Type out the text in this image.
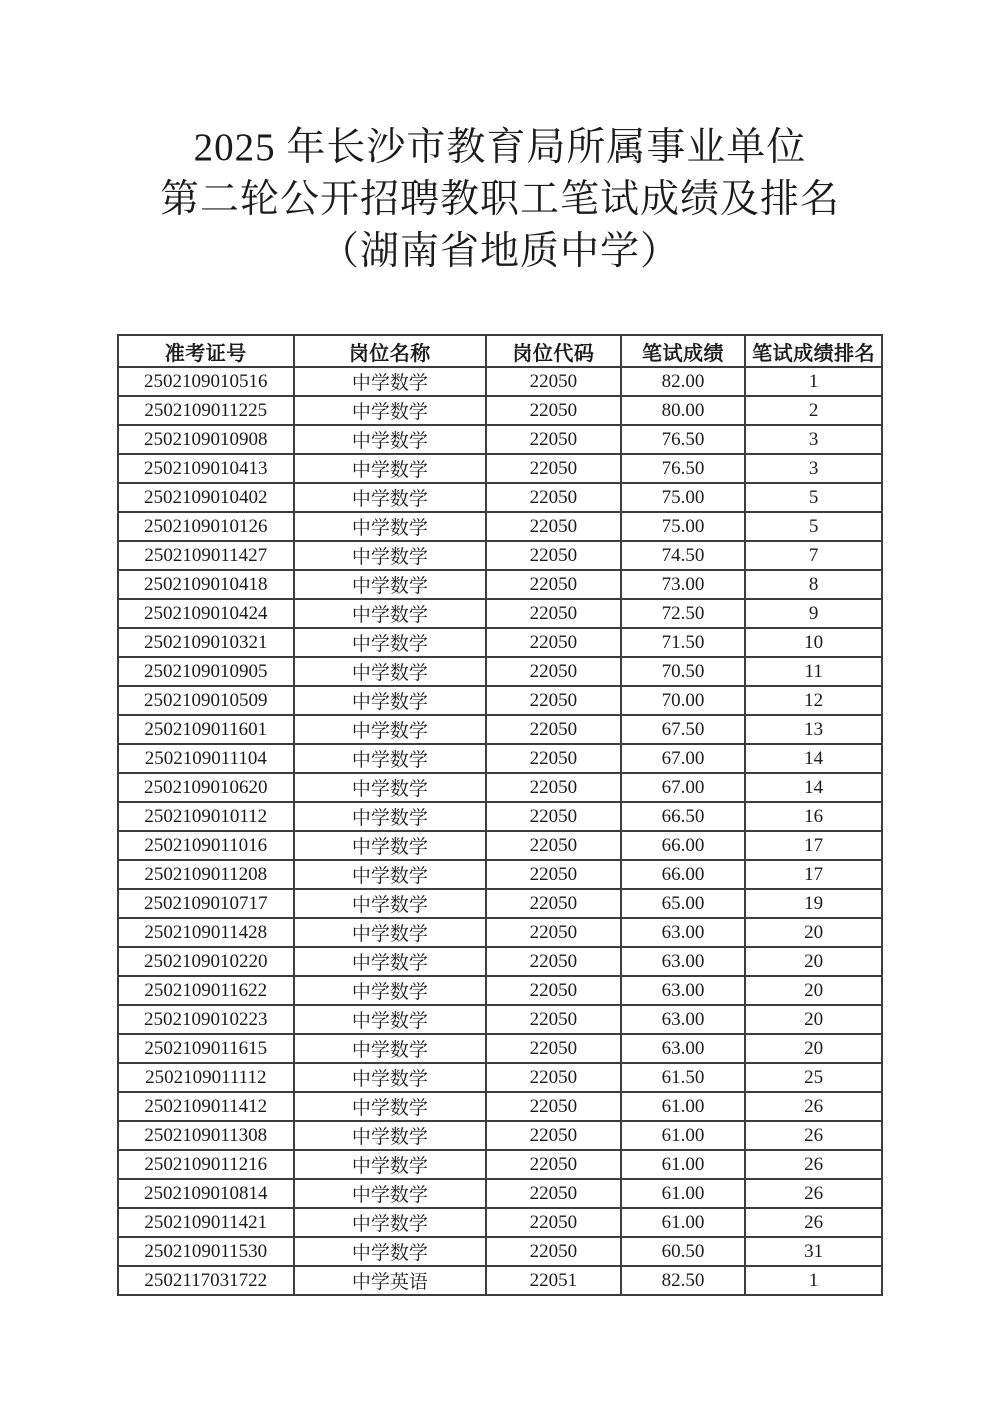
2025 年长沙市教育局所属事业单位
第二轮公开招聘教职工笔试成绩及排名
（湖南省地质中学）
准考证号	岗位名称	岗位代码	笔试成绩	笔试成绩排名
2502109010516	中学数学	22050	82.00	1
2502109011225	中学数学	22050	80.00	2
2502109010908	中学数学	22050	76.50	3
2502109010413	中学数学	22050	76.50	3
2502109010402	中学数学	22050	75.00	5
2502109010126	中学数学	22050	75.00	5
2502109011427	中学数学	22050	74.50	7
2502109010418	中学数学	22050	73.00	8
2502109010424	中学数学	22050	72.50	9
2502109010321	中学数学	22050	71.50	10
2502109010905	中学数学	22050	70.50	11
2502109010509	中学数学	22050	70.00	12
2502109011601	中学数学	22050	67.50	13
2502109011104	中学数学	22050	67.00	14
2502109010620	中学数学	22050	67.00	14
2502109010112	中学数学	22050	66.50	16
2502109011016	中学数学	22050	66.00	17
2502109011208	中学数学	22050	66.00	17
2502109010717	中学数学	22050	65.00	19
2502109011428	中学数学	22050	63.00	20
2502109010220	中学数学	22050	63.00	20
2502109011622	中学数学	22050	63.00	20
2502109010223	中学数学	22050	63.00	20
2502109011615	中学数学	22050	63.00	20
2502109011112	中学数学	22050	61.50	25
2502109011412	中学数学	22050	61.00	26
2502109011308	中学数学	22050	61.00	26
2502109011216	中学数学	22050	61.00	26
2502109010814	中学数学	22050	61.00	26
2502109011421	中学数学	22050	61.00	26
2502109011530	中学数学	22050	60.50	31
2502117031722	中学英语	22051	82.50	1
